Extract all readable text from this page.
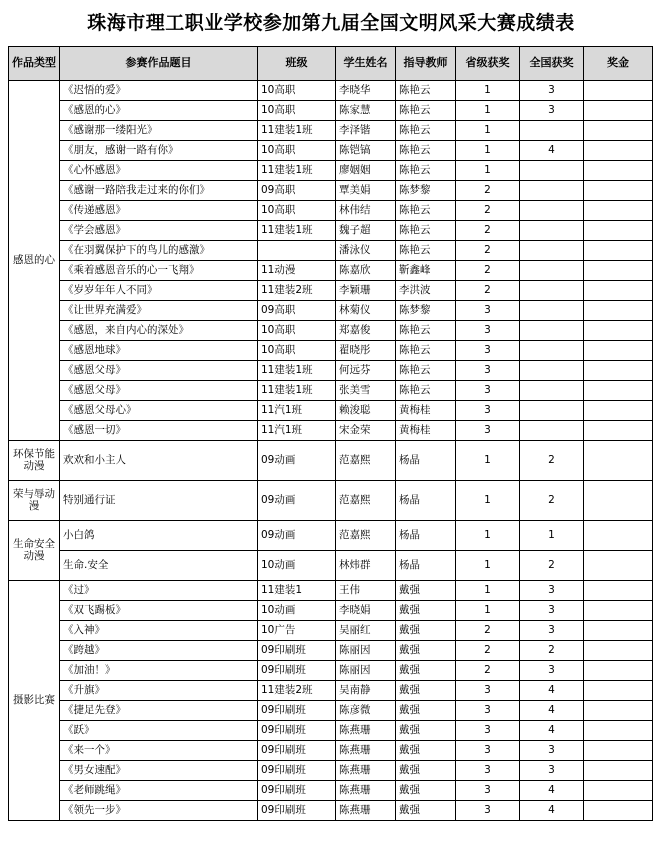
珠海市理工职业学校参加第九届全国文明风采大赛成绩表
作品类型	参赛作品题目	班级	学生姓名	指导教师	省级获奖	全国获奖	奖金
感恩的心	《迟悟的爱》	10高职	李晓华	陈艳云	1	3	
	《感恩的心》	10高职	陈家慧	陈艳云	1	3	
	《感谢那一缕阳光》	11建装1班	李泽锴	陈艳云	1		
	《朋友，感谢一路有你》	10高职	陈铠镐	陈艳云	1	4	
	《心怀感恩》	11建装1班	廖姻姻	陈艳云	1		
	《感谢一路陪我走过来的你们》	09高职	覃美娟	陈梦黎	2		
	《传递感恩》	10高职	林伟结	陈艳云	2		
	《学会感恩》	11建装1班	魏子超	陈艳云	2		
	《在羽翼保护下的鸟儿的感激》		潘泳仪	陈艳云	2		
	《乘着感恩音乐的心一飞翔》	11动漫	陈嘉欣	靳鑫峰	2		
	《岁岁年年人不同》	11建装2班	李颖珊	李洪波	2		
	《让世界充满爱》	09高职	林菊仪	陈梦黎	3		
	《感恩，来自内心的深处》	10高职	郑嘉俊	陈艳云	3		
	《感恩地球》	10高职	翟晓彤	陈艳云	3		
	《感恩父母》	11建装1班	何远芬	陈艳云	3		
	《感恩父母》	11建装1班	张美雪	陈艳云	3		
	《感恩父母心》	11汽1班	赖浚聪	黄梅桂	3		
	《感恩一切》	11汽1班	宋金荣	黄梅桂	3		
环保节能动漫	欢欢和小主人	09动画	范嘉熙	杨晶	1	2	
荣与辱动漫	特别通行证	09动画	范嘉熙	杨晶	1	2	
生命安全动漫	小白鸽	09动画	范嘉熙	杨晶	1	1	
	生命.安全	10动画	林炜群	杨晶	1	2	
摄影比赛	《过》	11建装1	王伟	戴强	1	3	
	《双飞踢板》	10动画	李晓娟	戴强	1	3	
	《入神》	10广告	吴丽红	戴强	2	3	
	《跨越》	09印刷班	陈丽因	戴强	2	2	
	《加油！》	09印刷班	陈丽因	戴强	2	3	
	《升旗》	11建装2班	吴南静	戴强	3	4	
	《捷足先登》	09印刷班	陈彦微	戴强	3	4	
	《跃》	09印刷班	陈燕珊	戴强	3	4	
	《来一个》	09印刷班	陈燕珊	戴强	3	3	
	《男女速配》	09印刷班	陈燕珊	戴强	3	3	
	《老师跳绳》	09印刷班	陈燕珊	戴强	3	4	
	《领先一步》	09印刷班	陈燕珊	戴强	3	4	
